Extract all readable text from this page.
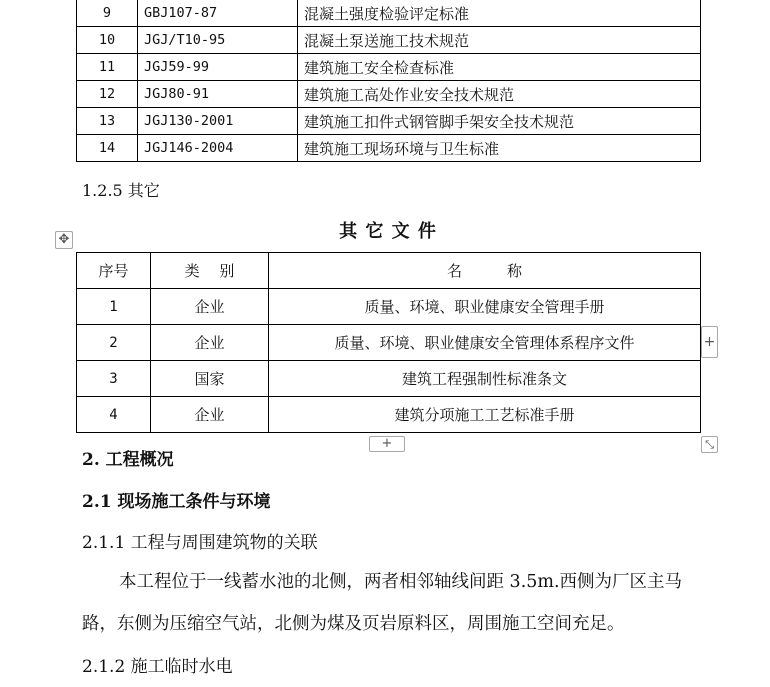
9	GBJ107-87	混凝土强度检验评定标准
10	JGJ/T10-95	混凝土泵送施工技术规范
11	JGJ59-99	建筑施工安全检查标准
12	JGJ80-91	建筑施工高处作业安全技术规范
13	JGJ130-2001	建筑施工扣件式钢管脚手架安全技术规范
14	JGJ146-2004	建筑施工现场环境与卫生标准
1.2.5 其它
✥	其 它 文 件
序号	类　 别	名　　　称
1	企业	质量、环境、职业健康安全管理手册
2	企业	质量、环境、职业健康安全管理体系程序文件
3	国家	建筑工程强制性标准条文
4	企业	建筑分项施工工艺标准手册
+
+	⤡
2. 工程概况
2.1 现场施工条件与环境
2.1.1 工程与周围建筑物的关联
本工程位于一线蓄水池的北侧，两者相邻轴线间距 3.5m.西侧为厂区主马
路，东侧为压缩空气站，北侧为煤及页岩原料区，周围施工空间充足。
2.1.2 施工临时水电
